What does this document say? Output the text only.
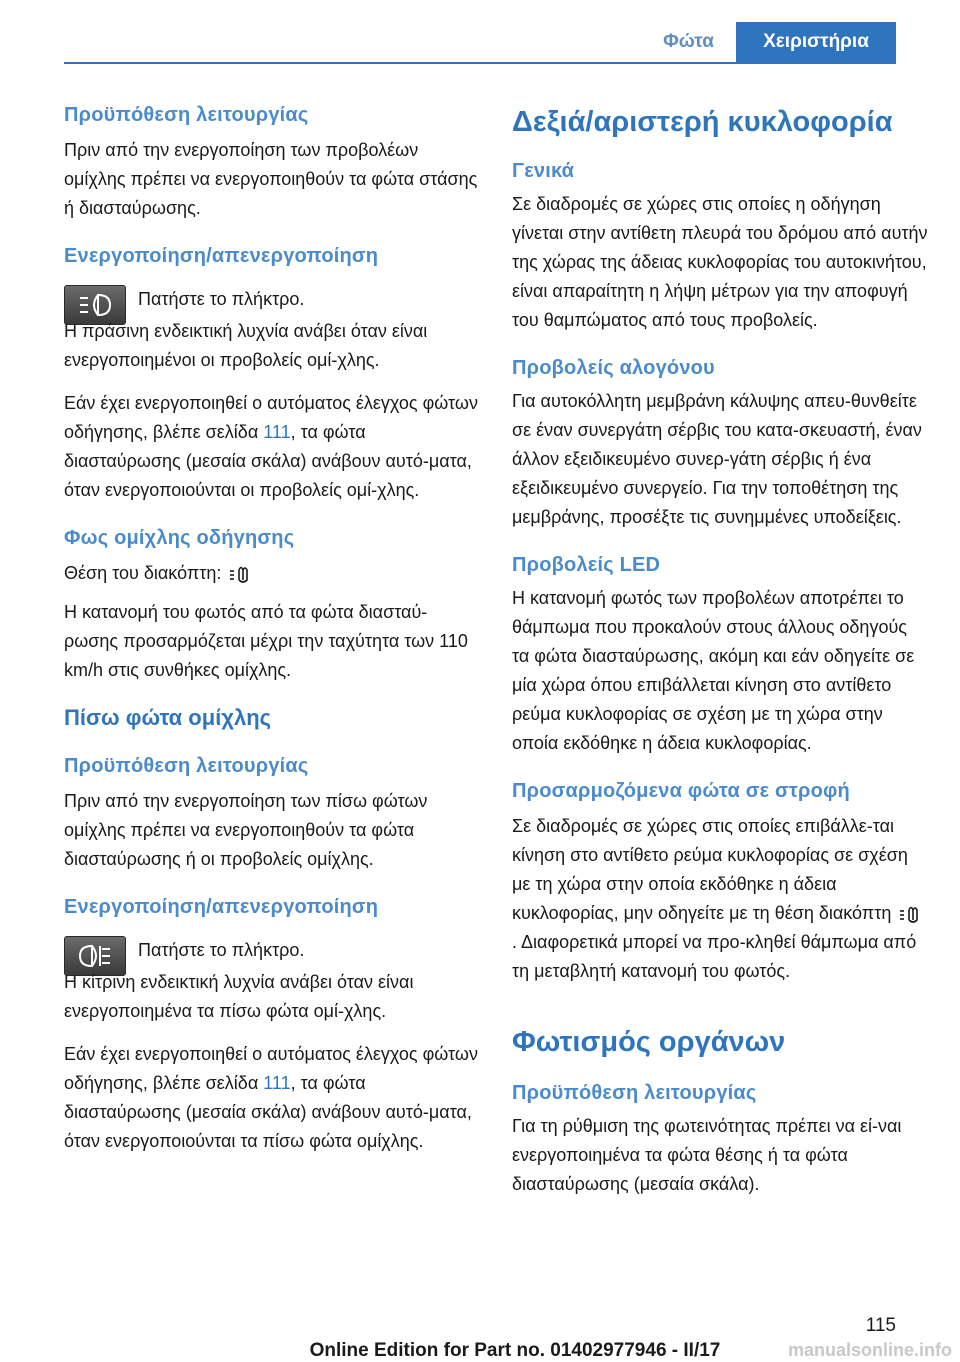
Φώτα	Χειριστήρια
Προϋπόθεση λειτουργίας
Πριν από την ενεργοποίηση των προβολέων ομίχλης πρέπει να ενεργοποιηθούν τα φώτα στάσης ή διασταύρωσης.
Ενεργοποίηση/απενεργοποίηση
Πατήστε το πλήκτρο.
Η πράσινη ενδεικτική λυχνία ανάβει όταν είναι ενεργοποιημένοι οι προβολείς ομί-χλης.
Εάν έχει ενεργοποιηθεί ο αυτόματος έλεγχος φώτων οδήγησης, βλέπε σελίδα 111, τα φώτα διασταύρωσης (μεσαία σκάλα) ανάβουν αυτό-ματα, όταν ενεργοποιούνται οι προβολείς ομί-χλης.
Φως ομίχλης οδήγησης
Θέση του διακόπτη:
Η κατανομή του φωτός από τα φώτα διασταύ-ρωσης προσαρμόζεται μέχρι την ταχύτητα των 110 km/h στις συνθήκες ομίχλης.
Πίσω φώτα ομίχλης
Προϋπόθεση λειτουργίας
Πριν από την ενεργοποίηση των πίσω φώτων ομίχλης πρέπει να ενεργοποιηθούν τα φώτα διασταύρωσης ή οι προβολείς ομίχλης.
Ενεργοποίηση/απενεργοποίηση
Πατήστε το πλήκτρο.
Η κίτρινη ενδεικτική λυχνία ανάβει όταν είναι ενεργοποιημένα τα πίσω φώτα ομί-χλης.
Εάν έχει ενεργοποιηθεί ο αυτόματος έλεγχος φώτων οδήγησης, βλέπε σελίδα 111, τα φώτα διασταύρωσης (μεσαία σκάλα) ανάβουν αυτό-ματα, όταν ενεργοποιούνται τα πίσω φώτα ομίχλης.
Δεξιά/αριστερή κυκλοφορία
Γενικά
Σε διαδρομές σε χώρες στις οποίες η οδήγηση γίνεται στην αντίθετη πλευρά του δρόμου από αυτήν της χώρας της άδειας κυκλοφορίας του αυτοκινήτου, είναι απαραίτητη η λήψη μέτρων για την αποφυγή του θαμπώματος από τους προβολείς.
Προβολείς αλογόνου
Για αυτοκόλλητη μεμβράνη κάλυψης απευ-θυνθείτε σε έναν συνεργάτη σέρβις του κατα-σκευαστή, έναν άλλον εξειδικευμένο συνερ-γάτη σέρβις ή ένα εξειδικευμένο συνεργείο. Για την τοποθέτηση της μεμβράνης, προσέξτε τις συνημμένες υποδείξεις.
Προβολείς LED
Η κατανομή φωτός των προβολέων αποτρέπει το θάμπωμα που προκαλούν στους άλλους οδηγούς τα φώτα διασταύρωσης, ακόμη και εάν οδηγείτε σε μία χώρα όπου επιβάλλεται κίνηση στο αντίθετο ρεύμα κυκλοφορίας σε σχέση με τη χώρα στην οποία εκδόθηκε η άδεια κυκλοφορίας.
Προσαρμοζόμενα φώτα σε στροφή
Σε διαδρομές σε χώρες στις οποίες επιβάλλε-ται κίνηση στο αντίθετο ρεύμα κυκλοφορίας σε σχέση με τη χώρα στην οποία εκδόθηκε η άδεια κυκλοφορίας, μην οδηγείτε με τη θέση διακόπτη  . Διαφορετικά μπορεί να προ-κληθεί θάμπωμα από τη μεταβλητή κατανομή του φωτός.
Φωτισμός οργάνων
Προϋπόθεση λειτουργίας
Για τη ρύθμιση της φωτεινότητας πρέπει να εί-ναι ενεργοποιημένα τα φώτα θέσης ή τα φώτα διασταύρωσης (μεσαία σκάλα).
115
Online Edition for Part no. 01402977946 - II/17	manualsonline.info
